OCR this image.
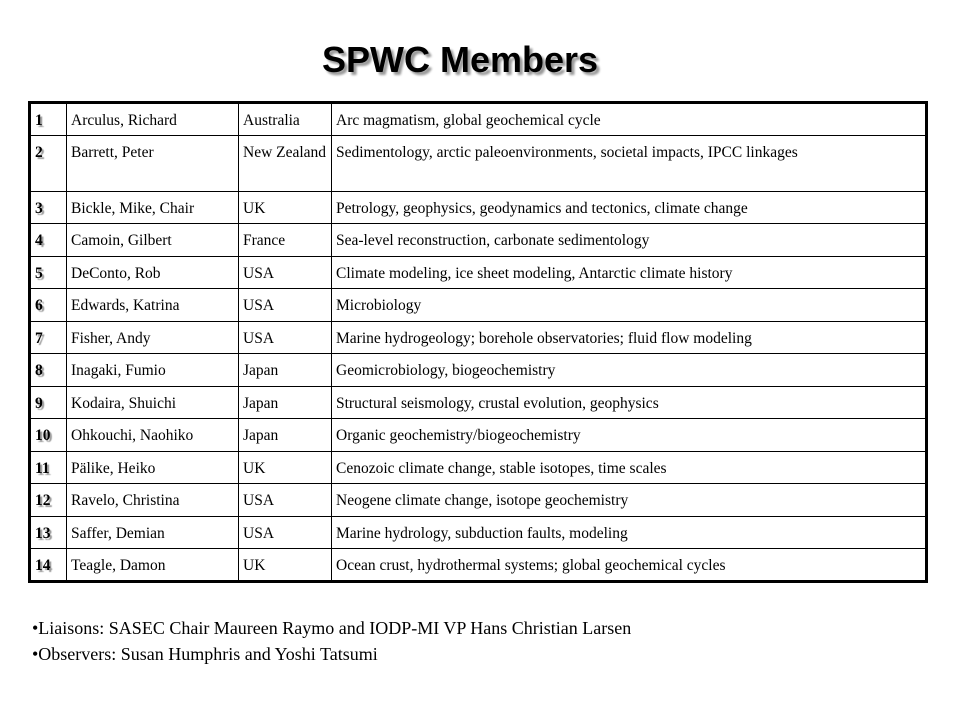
SPWC Members
1	Arculus, Richard	Australia	Arc magmatism, global geochemical cycle
2	Barrett, Peter	New Zealand	Sedimentology, arctic paleoenvironments, societal impacts, IPCC linkages
3	Bickle, Mike, Chair	UK	Petrology, geophysics, geodynamics and tectonics, climate change
4	Camoin, Gilbert	France	Sea-level reconstruction, carbonate sedimentology
5	DeConto, Rob	USA	Climate modeling, ice sheet modeling, Antarctic climate history
6	Edwards, Katrina	USA	Microbiology
7	Fisher, Andy	USA	Marine hydrogeology; borehole observatories; fluid flow modeling
8	Inagaki, Fumio	Japan	Geomicrobiology, biogeochemistry
9	Kodaira, Shuichi	Japan	Structural seismology, crustal evolution, geophysics
10	Ohkouchi, Naohiko	Japan	Organic geochemistry/biogeochemistry
11	Pälike, Heiko	UK	Cenozoic climate change, stable isotopes, time scales
12	Ravelo, Christina	USA	Neogene climate change, isotope geochemistry
13	Saffer, Demian	USA	Marine hydrology, subduction faults, modeling
14	Teagle, Damon	UK	Ocean crust, hydrothermal systems; global geochemical cycles
•Liaisons: SASEC Chair Maureen Raymo and IODP-MI VP Hans Christian Larsen
•Observers: Susan Humphris and Yoshi Tatsumi
